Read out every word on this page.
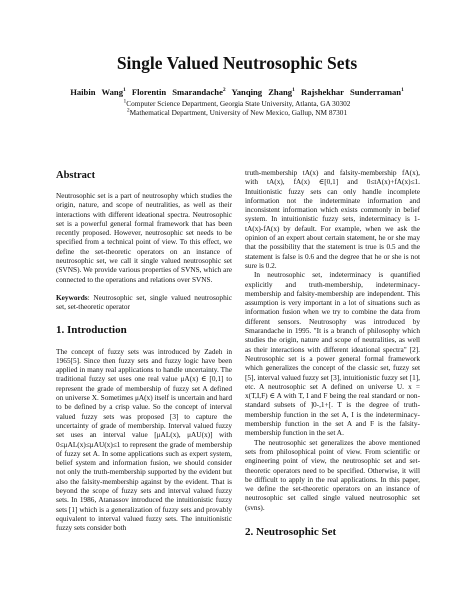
Single Valued Neutrosophic Sets
Haibin Wang$^1$ Florentin Smarandache$^2$ Yanqing Zhang$^1$ Rajshekhar Sunderraman$^1$
$^1$Computer Science Department, Georgia State University, Atlanta, GA 30302
$^2$Mathematical Department, University of New Mexico, Gallup, NM 87301
Abstract

Neutrosophic set is a part of neutrosophy which studies the origin, nature, and scope of neutralities, as well as their interactions with different ideational spectra. Neutrosophic set is a powerful general formal framework that has been recently proposed. However, neutrosophic set needs to be specified from a technical point of view. To this effect, we define the set-theoretic operators on an instance of neutrosophic set, we call it single valued neutrosophic set (SVNS). We provide various properties of SVNS, which are connected to the operations and relations over SVNS.

Keywords: Neutrosophic set, single valued neutrosophic set, set-theoretic operator

1. Introduction

The concept of fuzzy sets was introduced by Zadeh in 1965[5]. Since then fuzzy sets and fuzzy logic have been applied in many real applications to handle uncertainty. The traditional fuzzy set uses one real value μA(x) ∈ [0,1] to represent the grade of membership of fuzzy set A defined on universe X. Sometimes μA(x) itself is uncertain and hard to be defined by a crisp value. So the concept of interval valued fuzzy sets was proposed [3] to capture the uncertainty of grade of membership. Interval valued fuzzy set uses an interval value [μAL(x), μAU(x)] with 0≤μAL(x)≤μAU(x)≤1 to represent the grade of membership of fuzzy set A. In some applications such as expert system, belief system and information fusion, we should consider not only the truth-membership supported by the evident but also the falsity-membership against by the evident. That is beyond the scope of fuzzy sets and interval valued fuzzy sets. In 1986, Atanassov introduced the intuitionistic fuzzy sets [1] which is a generalization of fuzzy sets and provably equivalent to interval valued fuzzy sets. The intuitionistic fuzzy sets consider both

truth-membership tA(x) and falsity-membership fA(x), with tA(x), fA(x) ∈[0,1] and 0≤tA(x)+fA(x)≤1. Intuitionistic fuzzy sets can only handle incomplete information not the indeterminate information and inconsistent information which exists commonly in belief system. In intuitionistic fuzzy sets, indeterminacy is 1-tA(x)-fA(x) by default. For example, when we ask the opinion of an expert about certain statement, he or she may that the possibility that the statement is true is 0.5 and the statement is false is 0.6 and the degree that he or she is not sure is 0.2.

In neutrosophic set, indeterminacy is quantified explicitly and truth-membership, indeterminacy-membership and falsity-membership are independent. This assumption is very important in a lot of situations such as information fusion when we try to combine the data from different sensors. Neutrosophy was introduced by Smarandache in 1995. "It is a branch of philosophy which studies the origin, nature and scope of neutralities, as well as their interactions with different ideational spectra" [2]. Neutrosophic set is a power general formal framework which generalizes the concept of the classic set, fuzzy set [5], interval valued fuzzy set [3], intuitionistic fuzzy set [1], etc. A neutrosophic set A defined on universe U. x = x(T,I,F) ∈ A with T, I and F being the real standard or non-standard subsets of ]0-,1+[. T is the degree of truth-membership function in the set A, I is the indeterminacy-membership function in the set A and F is the falsity-membership function in the set A.

The neutrosophic set generalizes the above mentioned sets from philosophical point of view. From scientific or engineering point of view, the neutrosophic set and set-theoretic operators need to be specified. Otherwise, it will be difficult to apply in the real applications. In this paper, we define the set-theoretic operators on an instance of neutrosophic set called single valued neutrosophic set (svns).

2. Neutrosophic Set
